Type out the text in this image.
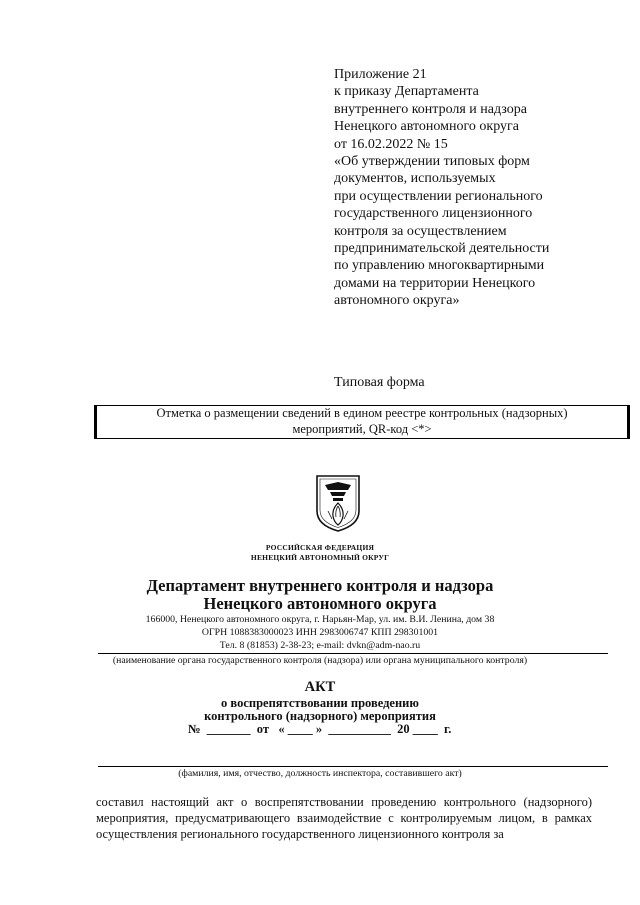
Приложение 21
к приказу Департамента
внутреннего контроля и надзора
Ненецкого автономного округа
от 16.02.2022 № 15
«Об утверждении типовых форм
документов, используемых
при осуществлении регионального
государственного лицензионного
контроля за осуществлением
предпринимательской деятельности
по управлению многоквартирными
домами на территории Ненецкого
автономного округа»
Типовая форма
Отметка о размещении сведений в едином реестре контрольных (надзорных)
мероприятий, QR-код <*>
РОССИЙСКАЯ ФЕДЕРАЦИЯ
НЕНЕЦКИЙ АВТОНОМНЫЙ ОКРУГ
Департамент внутреннего контроля и надзора
Ненецкого автономного округа
166000, Ненецкого автономного округа, г. Нарьян-Мар, ул. им. В.И. Ленина, дом 38
ОГРН 1088383000023 ИНН 2983006747 КПП 298301001
Тел. 8 (81853) 2-38-23; e-mail: dvkn@adm-nao.ru
(наименование органа государственного контроля (надзора) или органа муниципального контроля)
АКТ
о воспрепятствовании проведению
контрольного (надзорного) мероприятия
№  _______  от   « ____ »  __________  20 ____  г.
(фамилия, имя, отчество, должность инспектора, составившего акт)
составил настоящий акт о воспрепятствовании проведению контрольного (надзорного) мероприятия, предусматривающего взаимодействие с контролируемым лицом, в рамках осуществления регионального государственного лицензионного контроля за
